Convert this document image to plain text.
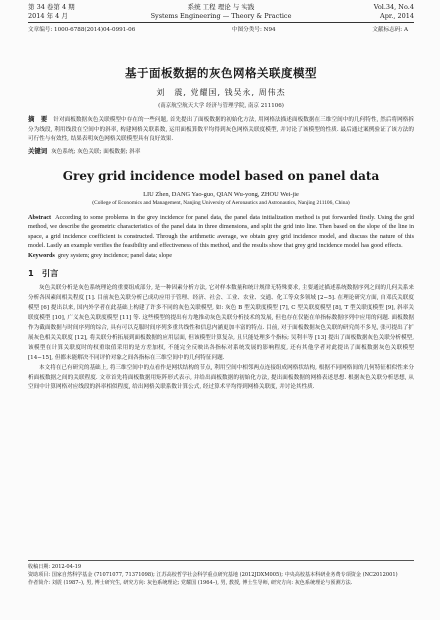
第 34 卷第 4 期
2014 年 4 月
系统 工程 理论 与 实践
Systems Engineering — Theory & Practice
Vol.34, No.4
Apr., 2014
文章编号: 1000-6788(2014)04-0991-06	中图分类号: N94	文献标志码: A
基于面板数据的灰色网格关联度模型
刘　震, 党耀国, 钱吴永, 周伟杰
(南京航空航天大学 经济与管理学院, 南京 211106)
摘　要 针对面板数据灰色关联模型中存在的一些问题, 首先提出了面板数据的初始化方法, 用网格法描述面板数据在三维空间中的几何特性, 然后将网格拆分为线段, 利用线段在空间中的斜率, 构建网格关联系数, 运用面板算数平均得到灰色网格关联度模型, 并讨论了该模型的性质. 最后通过案例验证了该方法的可行性与有效性, 结果表明灰色网格关联模型具有良好效果.
关键词 灰色系统; 灰色关联; 面板数据; 斜率
Grey grid incidence model based on panel data
LIU Zhen, DANG Yao-guo, QIAN Wu-yong, ZHOU Wei-jie
(College of Economics and Management, Nanjing University of Aeronautics and Astronautics, Nanjing 211106, China)
Abstract According to some problems in the grey incidence for panel data, the panel data initialization method is put forwarded firstly. Using the grid method, we describe the geometric characteristics of the panel data in three dimensions, and split the grid into line. Then based on the slope of the line in space, a grid incidence coefficient is constructed. Through the arithmetic average, we obtain grey grid incidence model, and discuss the nature of this model. Lastly an example verifies the feasibility and effectiveness of this method, and the results show that grey grid incidence model has good effects.
Keywords grey system; grey incidence; panel data; slope
1　引言

灰色关联分析是灰色系统理论的重要组成部分, 是一种因素分析方法, 它对样本数量和统计规律无特殊要求, 主要通过描述系统数据序列之间的几何关系来分析各因素间相关程度 [1]. 目前灰色关联分析已成功应用于管理、经济、社会、工业、农业、交通、化工等众多领域 [2−5]. 在理论研究方面, 自邓氏关联度模型 [6] 提出以来, 国内外学者在此基础上构建了许多不同的灰色关联模型, 如: 灰色 B 型关联度模型 [7], C 型关联度模型 [8], T 型关联度模型 [9], 斜率关联度模型 [10], 广义灰色关联度模型 [11] 等. 这些模型的提出有力地推动灰色关联分析技术的发展, 但也存在仅能在单指标数据序列中应用的问题. 面板数据作为截面数据与时间序列的综合, 具有可以克服时间序列多重共线性和信息内涵更加丰富的特点. 目前, 对于面板数据灰色关联的研究尚不多见, 张可提出了扩展灰色相关关联度 [12], 将关联分析拓展到面板数据的应用层面, 但该模型计算复杂, 且只能处理多个指标; 吴利丰等 [13] 提出了面板数据灰色关联分析模型, 该模型在计算关联度时的权重取值采用的是方差加权, 不能完全反映出各指标对系统发展的影响程度, 还有其他学者对此提出了面板数据灰色关联模型 [14−15], 但都未能解决不同评价对象之间各指标在三维空间中的几何特征问题.

本文将在已有研究的基础上, 将三维空间中的点看作是网状结构的节点, 利用空间中相邻两点连接组成网格状结构, 根据不同网格间的几何特征相似性来分析面板数据之间的关联程度. 文章首先将面板数据用矩阵形式表示, 并给出面板数据的初始化方法, 提出面板数据的网格表述思想. 根据灰色关联分析思想, 从空间中计算网格对应线段的斜率相似程度, 给出网格关联系数计算公式, 经过算术平均得到网格关联度, 并讨论其性质.

收稿日期: 2012-04-19

资助项目: 国家自然科学基金 (71071077, 71371098); 江苏高校哲学社会科学重点研究基地 (2012JDXM005); 中央高校基本科研业务费专项资金 (NC2012001)

作者简介: 刘震 (1987–), 男, 博士研究生, 研究方向: 灰色系统理论; 党耀国 (1964–), 男, 教授, 博士生导师, 研究方向: 灰色系统理论与预测方法.
